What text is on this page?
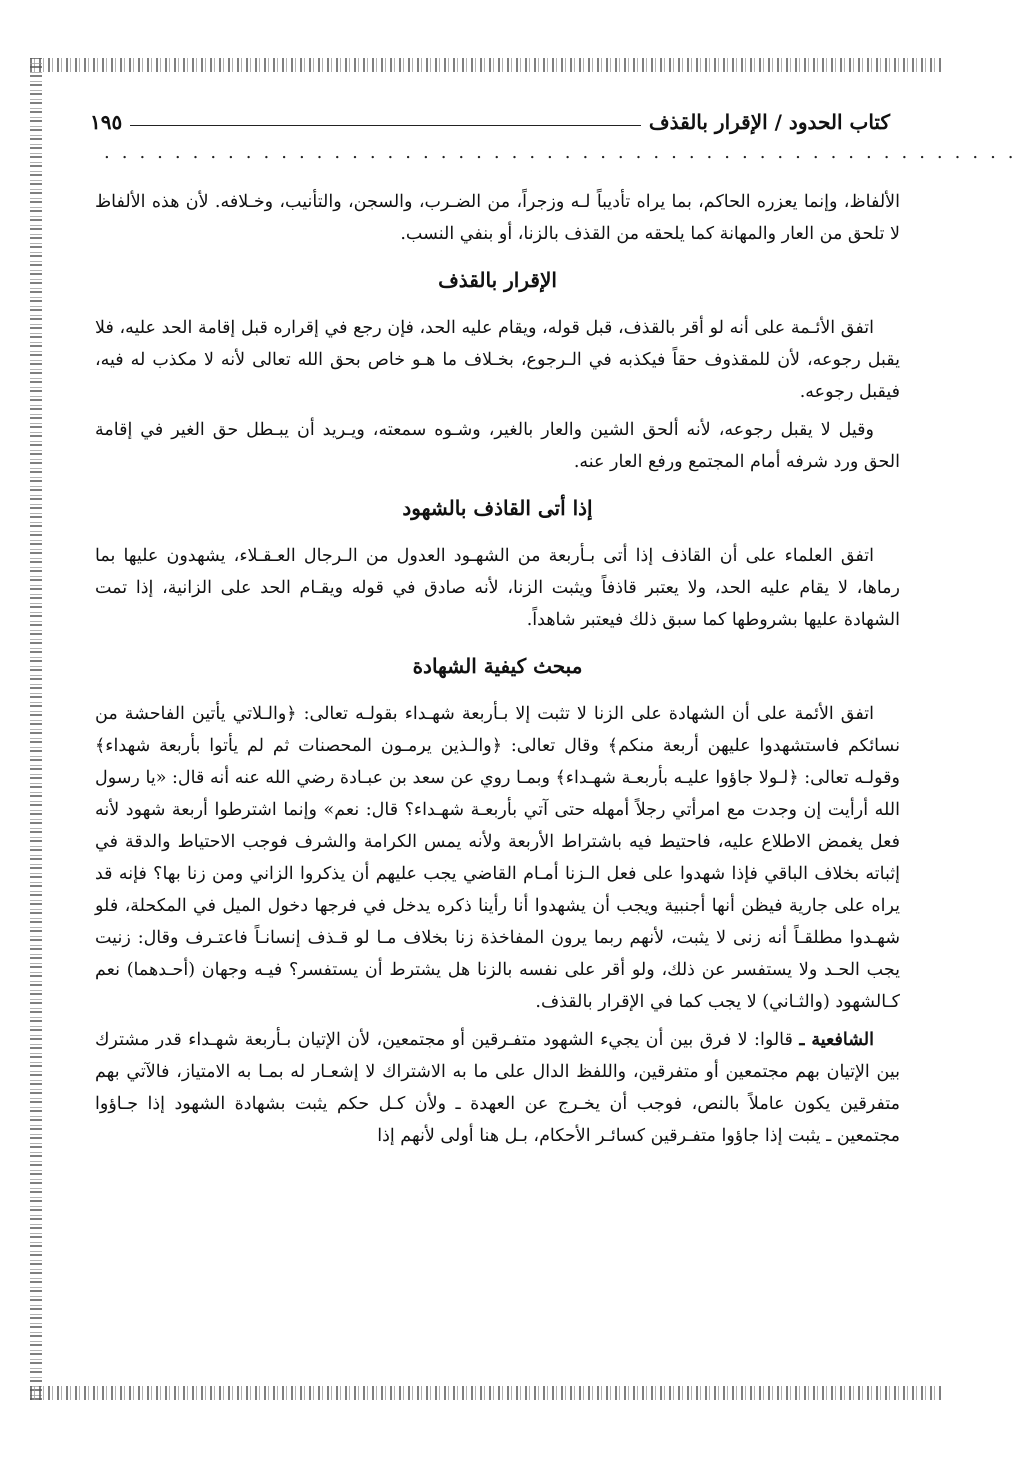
كتاب الحدود / الإقرار بالقذف
١٩٥
....................................................

الألفاظ، وإنما يعزره الحاكم، بما يراه تأديباً لـه وزجراً، من الضـرب، والسجن، والتأنيب، وخـلافه. لأن هذه الألفاظ لا تلحق من العار والمهانة كما يلحقه من القذف بالزنا، أو بنفي النسب.

الإقرار بالقذف

اتفق الأئـمة على أنه لو أقر بالقذف، قبل قوله، ويقام عليه الحد، فإن رجع في إقراره قبل إقامة الحد عليه، فلا يقبل رجوعه، لأن للمقذوف حقاً فيكذبه في الـرجوع، بخـلاف ما هـو خاص بحق الله تعالى لأنه لا مكذب له فيه، فيقبل رجوعه.

وقيل لا يقبل رجوعه، لأنه ألحق الشين والعار بالغير، وشـوه سمعته، ويـريد أن يبـطل حق الغير في إقامة الحق ورد شرفه أمام المجتمع ورفع العار عنه.

إذا أتى القاذف بالشهود

اتفق العلماء على أن القاذف إذا أتى بـأربعة من الشهـود العدول من الـرجال العـقـلاء، يشهدون عليها بما رماها، لا يقام عليه الحد، ولا يعتبر قاذفاً ويثبت الزنا، لأنه صادق في قوله ويقـام الحد على الزانية، إذا تمت الشهادة عليها بشروطها كما سبق ذلك فيعتبر شاهداً.

مبحث كيفية الشهادة

اتفق الأئمة على أن الشهادة على الزنا لا تثبت إلا بـأربعة شهـداء بقولـه تعالى: ﴿والـلاتي يأتين الفاحشة من نسائكم فاستشهدوا عليهن أربعة منكم﴾ وقال تعالى: ﴿والـذين يرمـون المحصنات ثم لم يأتوا بأربعة شهداء﴾ وقولـه تعالى: ﴿لـولا جاؤوا عليـه بأربعـة شهـداء﴾ وبمـا روي عن سعد بن عبـادة رضي الله عنه أنه قال: «يا رسول الله أرأيت إن وجدت مع امرأتي رجلاً أمهله حتى آتي بأربعـة شهـداء؟ قال: نعم» وإنما اشترطوا أربعة شهود لأنه فعل يغمض الاطلاع عليه، فاحتيط فيه باشتراط الأربعة ولأنه يمس الكرامة والشرف فوجب الاحتياط والدقة في إثباته بخلاف الباقي فإذا شهدوا على فعل الـزنا أمـام القاضي يجب عليهم أن يذكروا الزاني ومن زنا بها؟ فإنه قد يراه على جارية فيظن أنها أجنبية ويجب أن يشهدوا أنا رأينا ذكره يدخل في فرجها دخول الميل في المكحلة، فلو شهـدوا مطلقـاً أنه زنى لا يثبت، لأنهم ربما يرون المفاخذة زنا بخلاف مـا لو قـذف إنسانـاً فاعتـرف وقال: زنيت يجب الحـد ولا يستفسر عن ذلك، ولو أقر على نفسه بالزنا هل يشترط أن يستفسر؟ فيـه وجهان (أحـدهما) نعم كـالشهود (والثـاني) لا يجب كما في الإقرار بالقذف.

الشافعية ـ قالوا: لا فرق بين أن يجيء الشهود متفـرقين أو مجتمعين، لأن الإتيان بـأربعة شهـداء قدر مشترك بين الإتيان بهم مجتمعين أو متفرقين، واللفظ الدال على ما به الاشتراك لا إشعـار له بمـا به الامتياز، فالآتي بهم متفرقين يكون عاملاً بالنص، فوجب أن يخـرج عن العهدة ـ ولأن كـل حكم يثبت بشهادة الشهود إذا جـاؤوا مجتمعين ـ يثبت إذا جاؤوا متفـرقين كسائـر الأحكام، بـل هنا أولى لأنهم إذا
